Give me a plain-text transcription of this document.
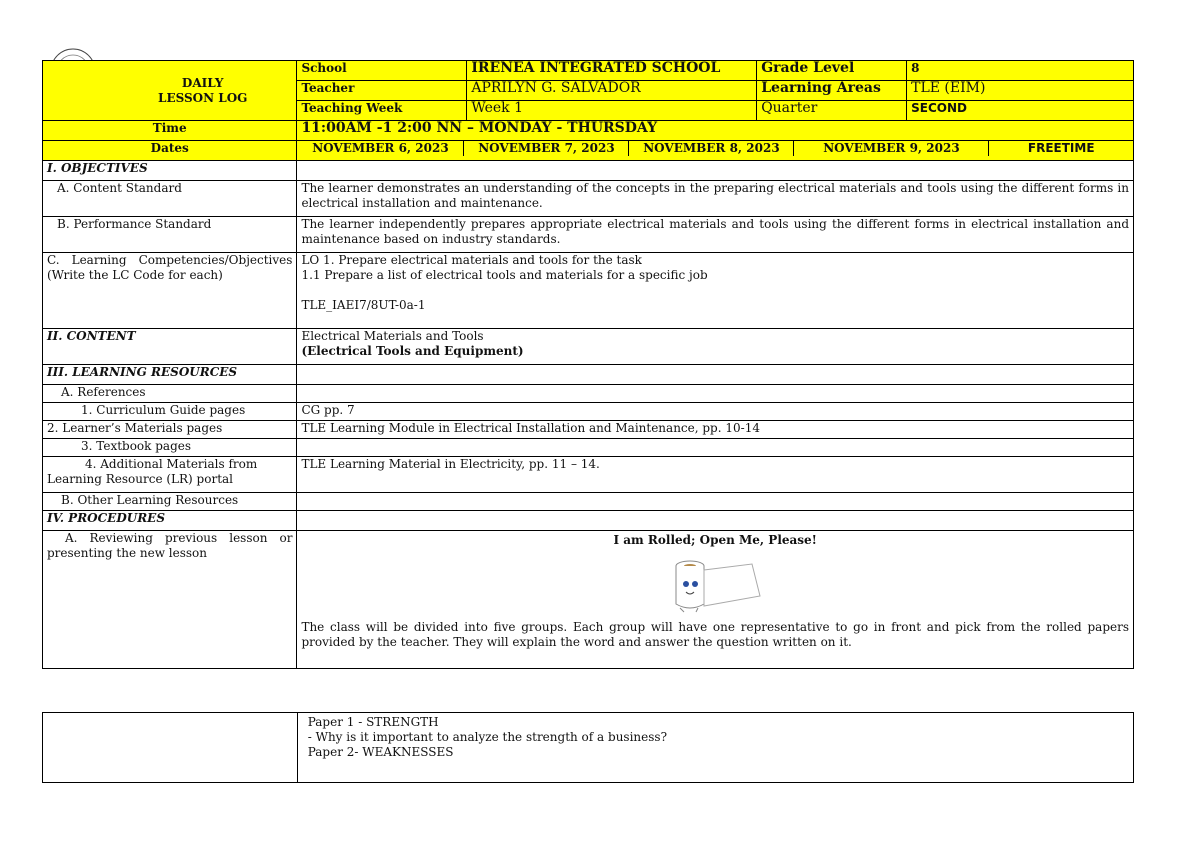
DAILY
LESSON LOG	School	IRENEA INTEGRATED SCHOOL	Grade Level	8
	Teacher	APRILYN G. SALVADOR	Learning Areas	TLE (EIM)
	Teaching Week	Week 1	Quarter	SECOND
Time	11:00AM -1 2:00 NN – MONDAY - THURSDAY			
Dates	NOVEMBER 6, 2023 NOVEMBER 7, 2023 NOVEMBER 8, 2023 NOVEMBER 9, 2023 FREETIME			

I. OBJECTIVES				
A. Content Standard	The learner demonstrates an understanding of the concepts in the preparing electrical materials and tools using the different forms in electrical installation and maintenance.			
B. Performance Standard	The learner independently prepares appropriate electrical materials and tools using the different forms in electrical installation and maintenance based on industry standards.			
C. Learning Competencies/Objectives (Write the LC Code for each)	LO 1. Prepare electrical materials and tools for the task
1.1 Prepare a list of electrical tools and materials for a specific job
TLE_IAEI7/8UT-0a-1			

II. CONTENT	Electrical Materials and Tools
(Electrical Tools and Equipment)			

III. LEARNING RESOURCES				
A. References				
1. Curriculum Guide pages	CG pp. 7			
2. Learner’s Materials pages	TLE Learning Module in Electrical Installation and Maintenance, pp. 10-14			
3. Textbook pages				
4. Additional Materials from Learning Resource (LR) portal	TLE Learning Material in Electricity, pp. 11 – 14.			
B. Other Learning Resources				
IV. PROCEDURES				
A. Reviewing previous lesson or presenting the new lesson	I am Rolled; Open Me, Please!
The class will be divided into five groups. Each group will have one representative to go in front and pick from the rolled papers provided by the teacher. They will explain the word and answer the question written on it.			

Paper 1 - STRENGTH
- Why is it important to analyze the strength of a business?
Paper 2- WEAKNESSES
